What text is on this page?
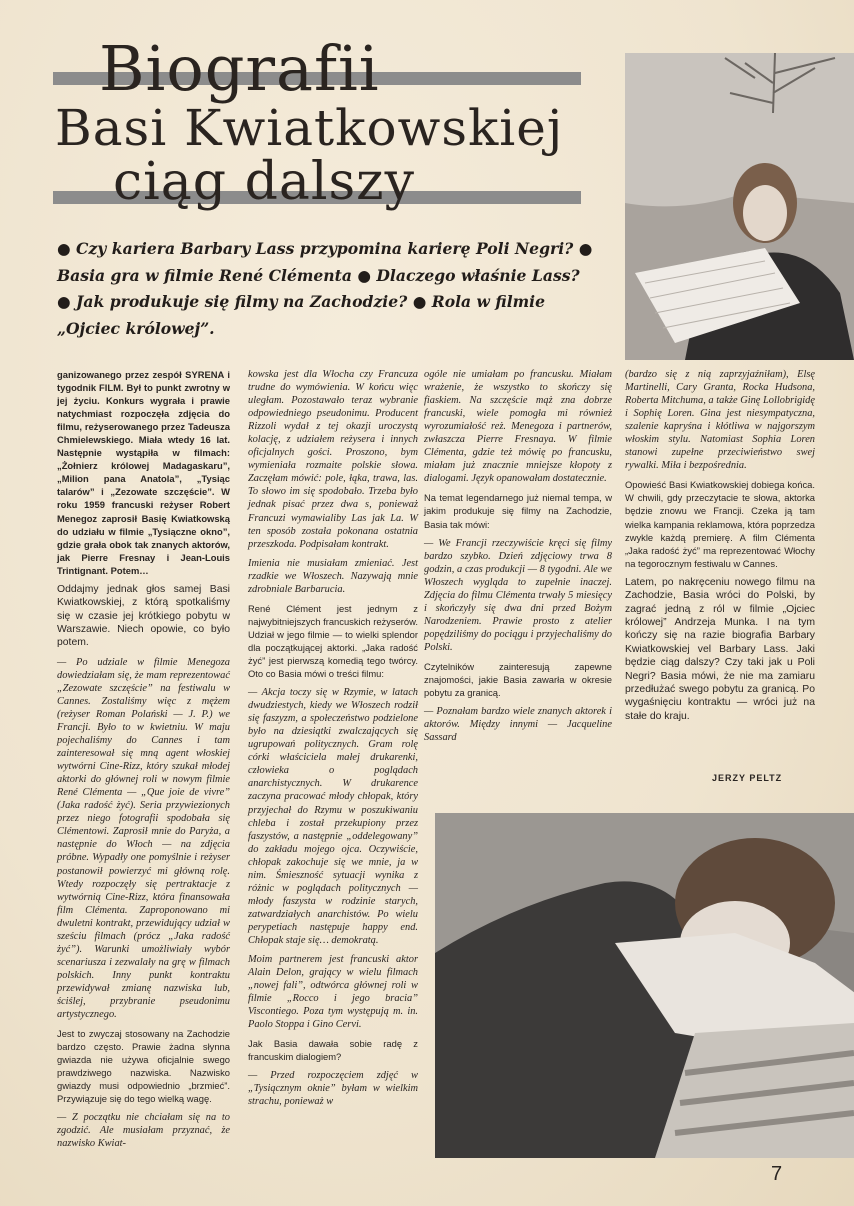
Biografii
Basi Kwiatkowskiej
ciąg dalszy
● Czy kariera Barbary Lass przypomina karierę Poli Negri? ● Basia gra w filmie René Clémenta ● Dlaczego właśnie Lass? ● Jak produkuje się filmy na Zachodzie? ● Rola w filmie „Ojciec królowej”.

ganizowanego przez zespół SYRENA i tygodnik FILM. Był to punkt zwrotny w jej życiu. Konkurs wygrała i prawie natychmiast rozpoczęła zdjęcia do filmu, reżyserowanego przez Tadeusza Chmielewskiego. Miała wtedy 16 lat. Następnie wystąpiła w filmach: „Żołnierz królowej Madagaskaru”, „Milion pana Anatola”, „Tysiąc talarów” i „Zezowate szczęście”. W roku 1959 francuski reżyser Robert Menegoz zaprosił Basię Kwiatkowską do udziału w filmie „Tysiączne okno”, gdzie grała obok tak znanych aktorów, jak Pierre Fresnay i Jean-Louis Trintignant. Potem…

Oddajmy jednak głos samej Basi Kwiatkowskiej, z którą spotkaliśmy się w czasie jej krótkiego pobytu w Warszawie. Niech opowie, co było potem.

— Po udziale w filmie Menegoza dowiedziałam się, że mam reprezentować „Zezowate szczęście” na festiwalu w Cannes. Zostaliśmy więc z mężem (reżyser Roman Polański — J. P.) we Francji. Było to w kwietniu. W maju pojechaliśmy do Cannes i tam zainteresował się mną agent włoskiej wytwórni Cine-Rizz, który szukał młodej aktorki do głównej roli w nowym filmie René Clémenta — „Que joie de vivre” (Jaka radość żyć). Seria przywiezionych przez niego fotografii spodobała się Clémentowi. Zaprosił mnie do Paryża, a następnie do Włoch — na zdjęcia próbne. Wypadły one pomyślnie i reżyser postanowił powierzyć mi główną rolę. Wtedy rozpoczęły się pertraktacje z wytwórnią Cine-Rizz, która finansowała film Clémenta. Zaproponowano mi dwuletni kontrakt, przewidujący udział w sześciu filmach (prócz „Jaka radość żyć”). Warunki umożliwiały wybór scenariusza i zezwalały na grę w filmach polskich. Inny punkt kontraktu przewidywał zmianę nazwiska lub, ściślej, przybranie pseudonimu artystycznego.

Jest to zwyczaj stosowany na Zachodzie bardzo często. Prawie żadna słynna gwiazda nie używa oficjalnie swego prawdziwego nazwiska. Nazwisko gwiazdy musi odpowiednio „brzmieć”. Przywiązuje się do tego wielką wagę.

— Z początku nie chciałam się na to zgodzić. Ale musiałam przyznać, że nazwisko Kwiat-

kowska jest dla Włocha czy Francuza trudne do wymówienia. W końcu więc uległam. Pozostawało teraz wybranie odpowiedniego pseudonimu. Producent Rizzoli wydał z tej okazji uroczystą kolację, z udziałem reżysera i innych oficjalnych gości. Proszono, bym wymieniała rozmaite polskie słowa. Zaczęłam mówić: pole, łąka, trawa, las. To słowo im się spodobało. Trzeba było jednak pisać przez dwa s, ponieważ Francuzi wymawialiby Las jak La. W ten sposób została pokonana ostatnia przeszkoda. Podpisałam kontrakt.

Imienia nie musiałam zmieniać. Jest rzadkie we Włoszech. Nazywają mnie zdrobniale Barbarucia.

René Clément jest jednym z najwybitniejszych francuskich reżyserów. Udział w jego filmie — to wielki splendor dla początkującej aktorki. „Jaka radość żyć” jest pierwszą komedią tego twórcy. Oto co Basia mówi o treści filmu:

— Akcja toczy się w Rzymie, w latach dwudziestych, kiedy we Włoszech rodził się faszyzm, a społeczeństwo podzielone było na dziesiątki zwalczających się ugrupowań politycznych. Gram rolę córki właściciela małej drukarenki, człowieka o poglądach anarchistycznych. W drukarence zaczyna pracować młody chłopak, który przyjechał do Rzymu w poszukiwaniu chleba i został przekupiony przez faszystów, a następnie „oddelegowany” do zakładu mojego ojca. Oczywiście, chłopak zakochuje się we mnie, ja w nim. Śmieszność sytuacji wynika z różnic w poglądach politycznych — młody faszysta w rodzinie starych, zatwardziałych anarchistów. Po wielu perypetiach następuje happy end. Chłopak staje się… demokratą.

Moim partnerem jest francuski aktor Alain Delon, grający w wielu filmach „nowej fali”, odtwórca głównej roli w filmie „Rocco i jego bracia” Viscontiego. Poza tym występują m. in. Paolo Stoppa i Gino Cervi.

Jak Basia dawała sobie radę z francuskim dialogiem?

— Przed rozpoczęciem zdjęć w „Tysiącznym oknie” byłam w wielkim strachu, ponieważ w

ogóle nie umiałam po francusku. Miałam wrażenie, że wszystko to skończy się fiaskiem. Na szczęście mąż zna dobrze francuski, wiele pomogła mi również wyrozumiałość reż. Menegoza i partnerów, zwłaszcza Pierre Fresnaya. W filmie Clémenta, gdzie też mówię po francusku, miałam już znacznie mniejsze kłopoty z dialogami. Język opanowałam dostatecznie.

Na temat legendarnego już niemal tempa, w jakim produkuje się filmy na Zachodzie, Basia tak mówi:

— We Francji rzeczywiście kręci się filmy bardzo szybko. Dzień zdjęciowy trwa 8 godzin, a czas produkcji — 8 tygodni. Ale we Włoszech wygląda to zupełnie inaczej. Zdjęcia do filmu Clémenta trwały 5 miesięcy i skończyły się dwa dni przed Bożym Narodzeniem. Prawie prosto z atelier popędziliśmy do pociągu i przyjechaliśmy do Polski.

Czytelników zainteresują zapewne znajomości, jakie Basia zawarła w okresie pobytu za granicą.

— Poznałam bardzo wiele znanych aktorek i aktorów. Między innymi — Jacqueline Sassard

(bardzo się z nią zaprzyjaźniłam), Elsę Martinelli, Cary Granta, Rocka Hudsona, Roberta Mitchuma, a także Ginę Lollobrigidę i Sophię Loren. Gina jest niesympatyczna, szalenie kapryśna i kłótliwa w najgorszym włoskim stylu. Natomiast Sophia Loren stanowi zupełne przeciwieństwo swej rywalki. Miła i bezpośrednia.

Opowieść Basi Kwiatkowskiej dobiega końca. W chwili, gdy przeczytacie te słowa, aktorka będzie znowu we Francji. Czeka ją tam wielka kampania reklamowa, która poprzedza zwykle każdą premierę. A film Clémenta „Jaka radość żyć” ma reprezentować Włochy na tegorocznym festiwalu w Cannes.

Latem, po nakręceniu nowego filmu na Zachodzie, Basia wróci do Polski, by zagrać jedną z ról w filmie „Ojciec królowej” Andrzeja Munka. I na tym kończy się na razie biografia Barbary Kwiatkowskiej vel Barbary Lass. Jaki będzie ciąg dalszy? Czy taki jak u Poli Negri? Basia mówi, że nie ma zamiaru przedłużać swego pobytu za granicą. Po wygaśnięciu kontraktu — wróci już na stałe do kraju.

JERZY PELTZ
7
